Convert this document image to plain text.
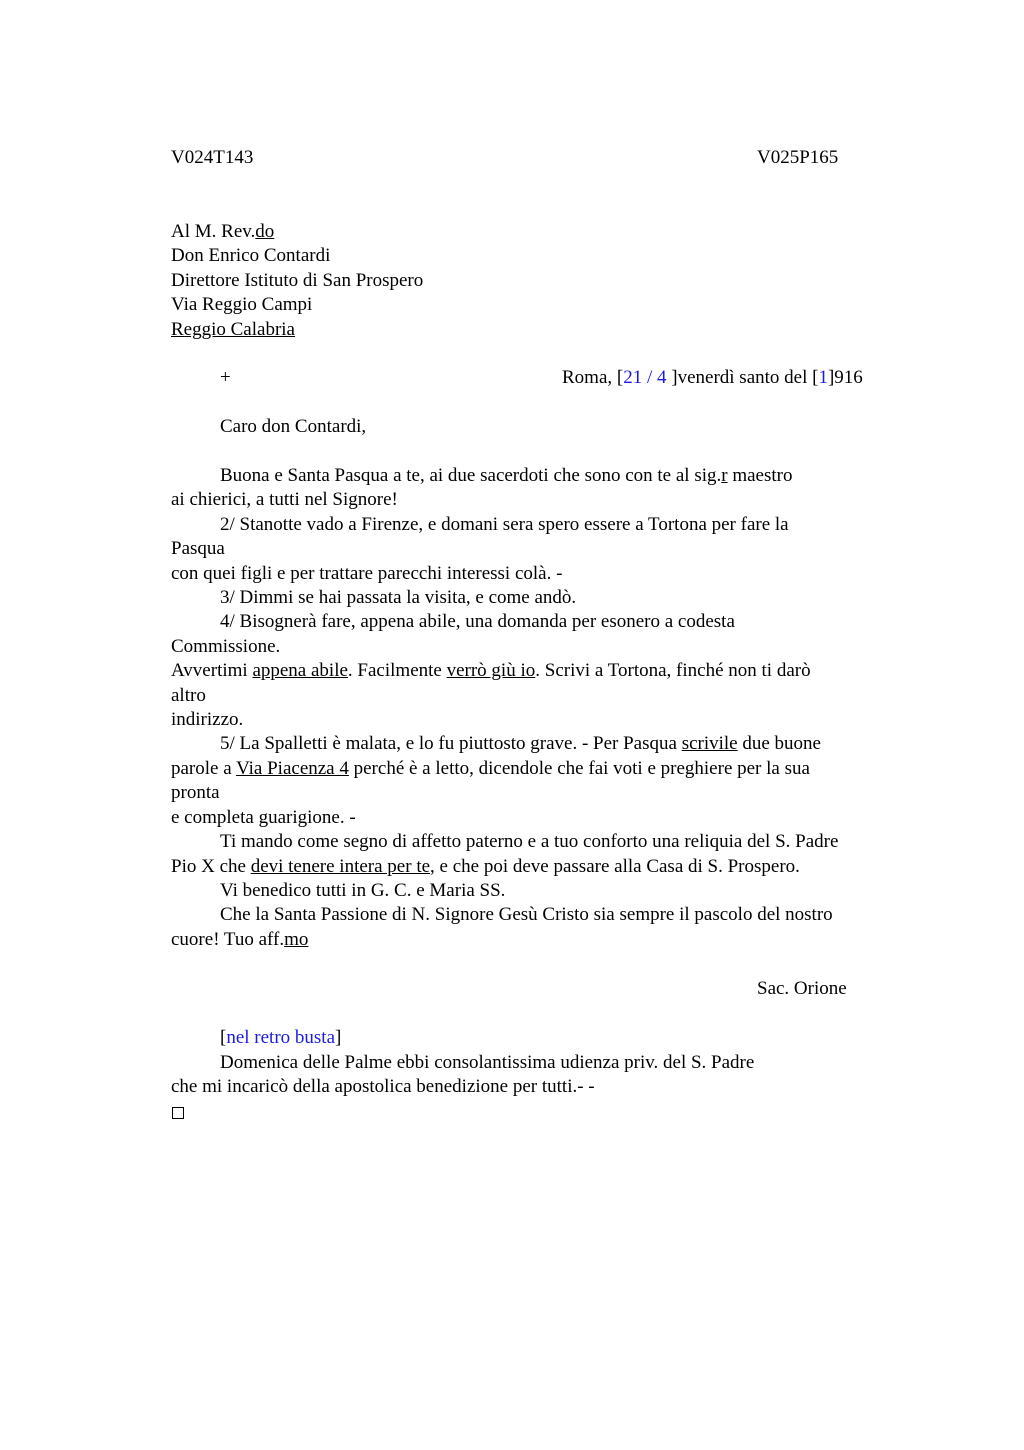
V024T143	V025P165
Al M. Rev.do
Don Enrico Contardi
Direttore Istituto di San Prospero
Via Reggio Campi
Reggio Calabria
+	Roma, [21 / 4 ]venerdì santo del [1]916
Caro don Contardi,
Buona e Santa Pasqua a te, ai due sacerdoti che sono con te al sig.r maestro
ai chierici, a tutti nel Signore!
2/ Stanotte vado a Firenze, e domani sera spero essere a Tortona per fare la
Pasqua
con quei figli e per trattare parecchi interessi colà. -
3/ Dimmi se hai passata la visita, e come andò.
4/ Bisognerà fare, appena abile, una domanda per esonero a codesta
Commissione.
Avvertimi appena abile. Facilmente verrò giù io. Scrivi a Tortona, finché non ti darò
altro
indirizzo.
5/ La Spalletti è malata, e lo fu piuttosto grave. - Per Pasqua scrivile due buone
parole a Via Piacenza 4 perché è a letto, dicendole che fai voti e preghiere per la sua
pronta
e completa guarigione. -
Ti mando come segno di affetto paterno e a tuo conforto una reliquia del S. Padre
Pio X che devi tenere intera per te, e che poi deve passare alla Casa di S. Prospero.
Vi benedico tutti in G. C. e Maria SS.
Che la Santa Passione di N. Signore Gesù Cristo sia sempre il pascolo del nostro
cuore! Tuo aff.mo
Sac. Orione
[nel retro busta]
Domenica delle Palme ebbi consolantissima udienza priv. del S. Padre
che mi incaricò della apostolica benedizione per tutti.- -
